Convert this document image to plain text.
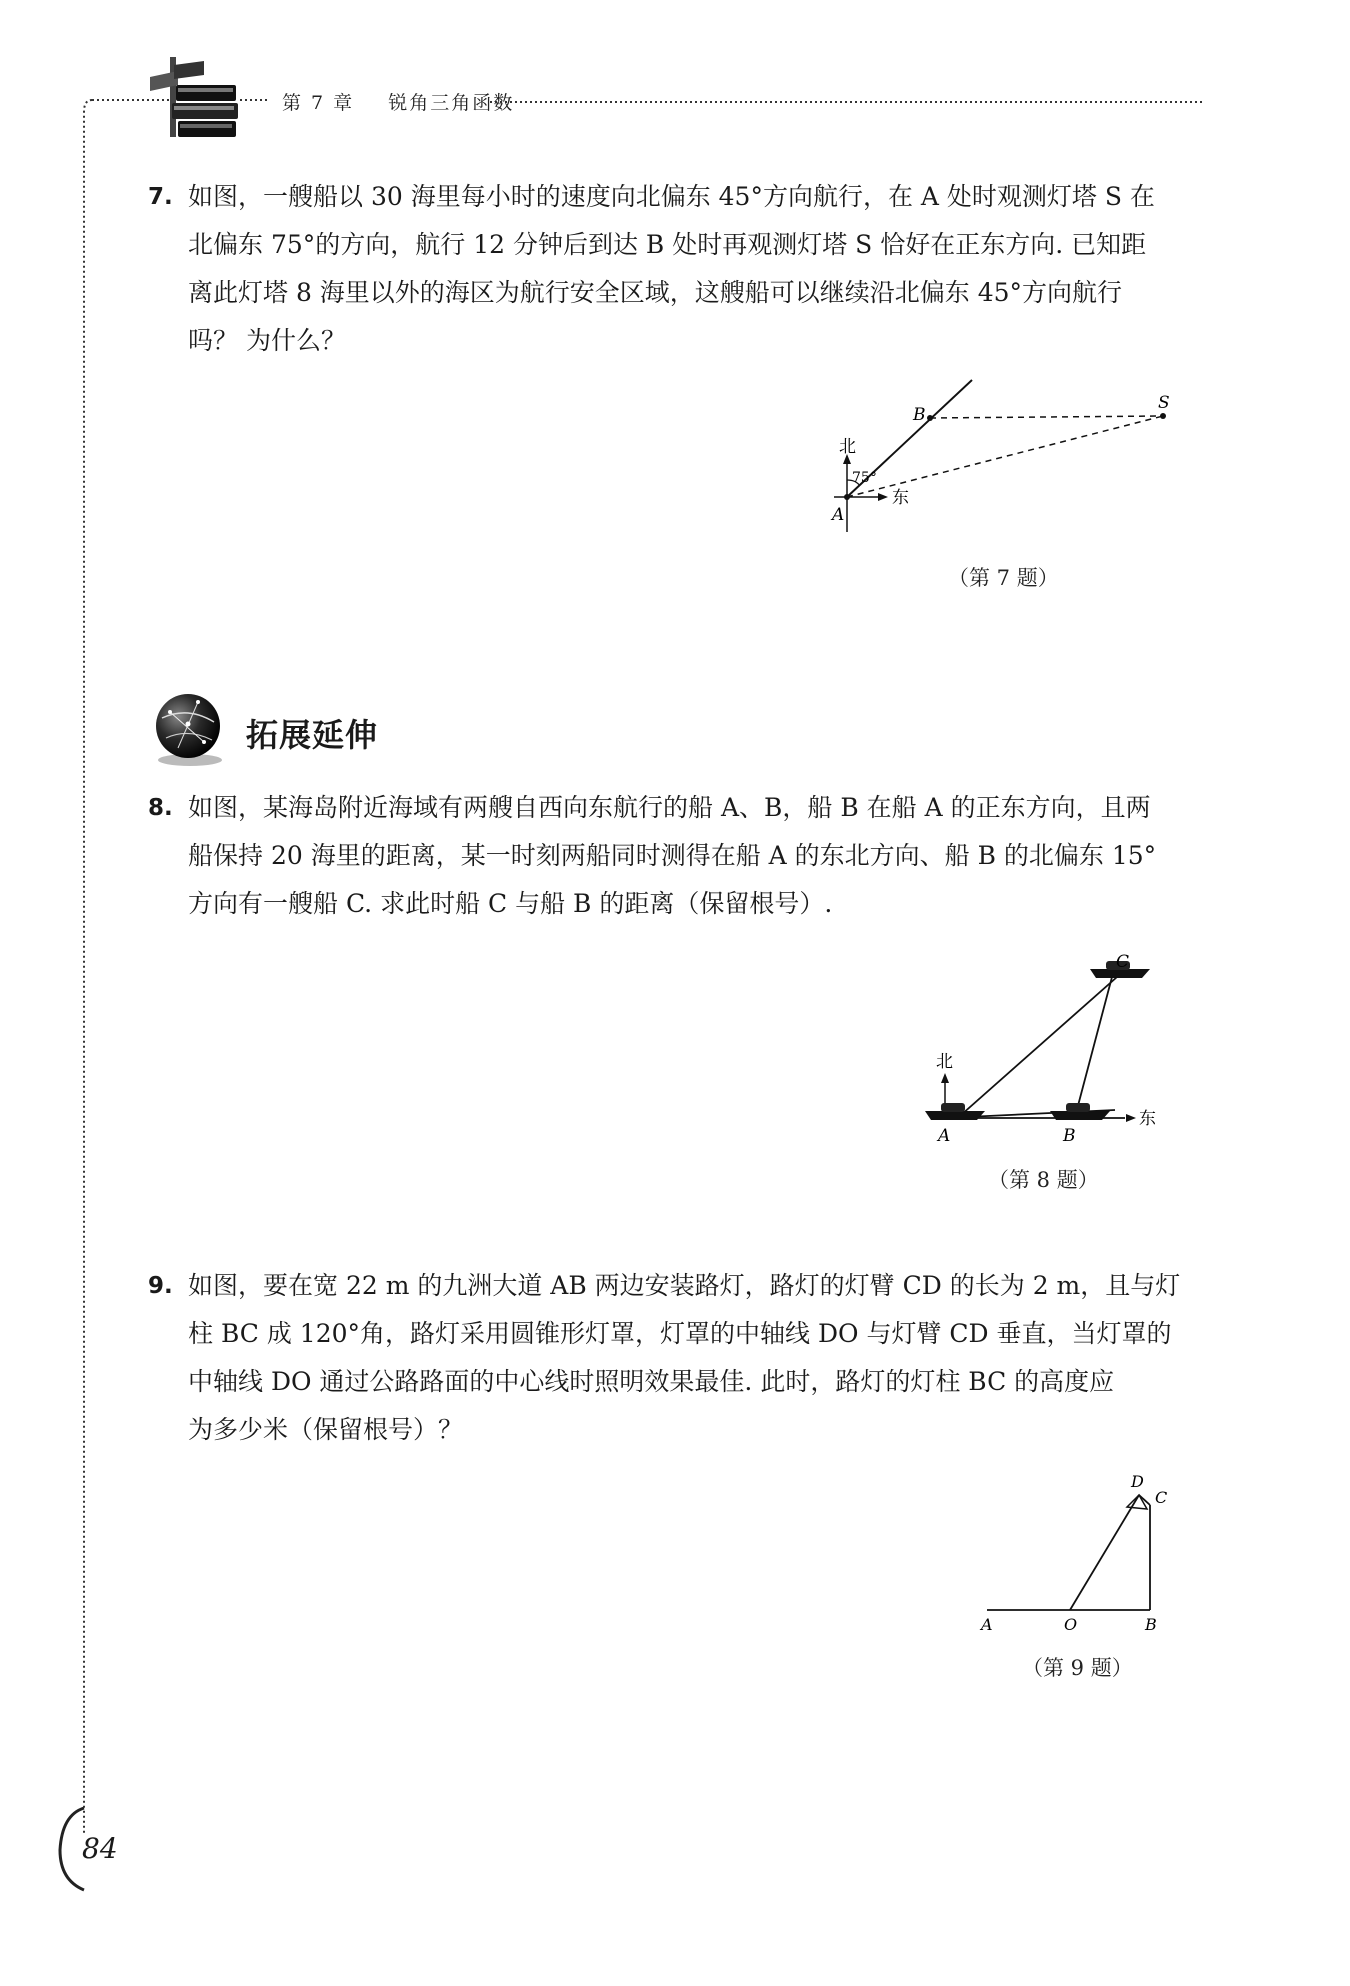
第 7 章 锐角三角函数
7. 如图，一艘船以 30 海里每小时的速度向北偏东 45°方向航行，在 A 处时观测灯塔 S 在
北偏东 75°的方向，航行 12 分钟后到达 B 处时再观测灯塔 S 恰好在正东方向. 已知距
离此灯塔 8 海里以外的海区为航行安全区域，这艘船可以继续沿北偏东 45°方向航行
吗？ 为什么？
B
S
A
北
东
75°
（第 7 题）
拓展延伸
8. 如图，某海岛附近海域有两艘自西向东航行的船 A、B，船 B 在船 A 的正东方向，且两
船保持 20 海里的距离，某一时刻两船同时测得在船 A 的东北方向、船 B 的北偏东 15°
方向有一艘船 C. 求此时船 C 与船 B 的距离（保留根号）.
C
A	B
北
东
（第 8 题）
9. 如图，要在宽 22 m 的九洲大道 AB 两边安装路灯，路灯的灯臂 CD 的长为 2 m，且与灯
柱 BC 成 120°角，路灯采用圆锥形灯罩，灯罩的中轴线 DO 与灯臂 CD 垂直，当灯罩的
中轴线 DO 通过公路路面的中心线时照明效果最佳. 此时，路灯的灯柱 BC 的高度应
为多少米（保留根号）？
A	O	B
D
C
（第 9 题）
84
